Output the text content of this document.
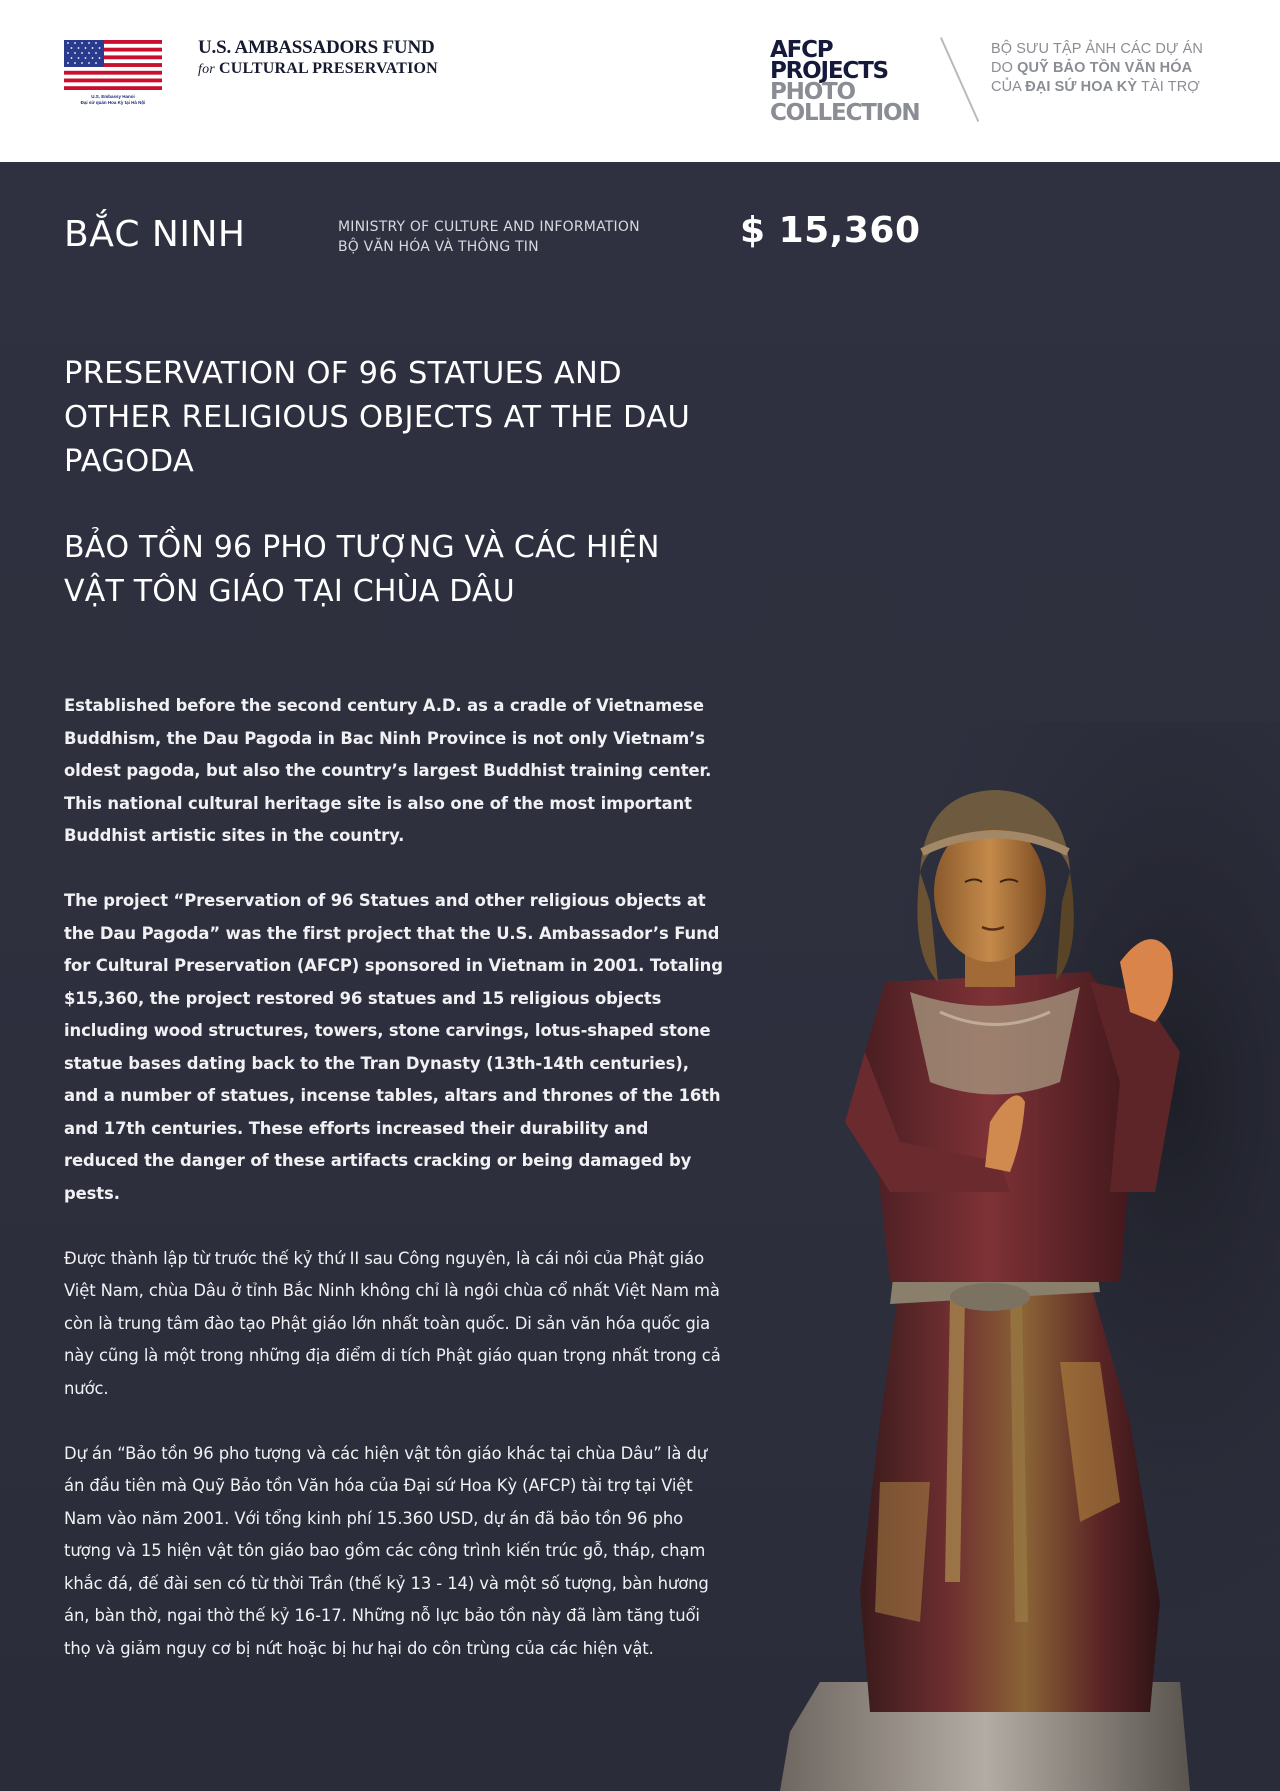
U.S. Embassy Hanoi
Đại sứ quán Hoa Kỳ tại Hà Nội
U.S. AMBASSADORS FUND
for CULTURAL PRESERVATION
AFCP
PROJECTS
PHOTO
COLLECTION
BỘ SƯU TẬP ẢNH CÁC DỰ ÁN
DO QUỸ BẢO TỒN VĂN HÓA
CỦA ĐẠI SỨ HOA KỲ TÀI TRỢ
BẮC NINH	MINISTRY OF CULTURE AND INFORMATION
BỘ VĂN HÓA VÀ THÔNG TIN	$ 15,360
PRESERVATION OF 96 STATUES AND OTHER RELIGIOUS OBJECTS AT THE DAU PAGODA
BẢO TỒN 96 PHO TƯỢNG VÀ CÁC HIỆN VẬT TÔN GIÁO TẠI CHÙA DÂU

Established before the second century A.D. as a cradle of Vietnamese Buddhism, the Dau Pagoda in Bac Ninh Province is not only Vietnam’s oldest pagoda, but also the country’s largest Buddhist training center. This national cultural heritage site is also one of the most important Buddhist artistic sites in the country.

The project “Preservation of 96 Statues and other religious objects at the Dau Pagoda” was the first project that the U.S. Ambassador’s Fund for Cultural Preservation (AFCP) sponsored in Vietnam in 2001. Totaling $15,360, the project restored 96 statues and 15 religious objects including wood structures, towers, stone carvings, lotus-shaped stone statue bases dating back to the Tran Dynasty (13th-14th centuries), and a number of statues, incense tables, altars and thrones of the 16th and 17th centuries. These efforts increased their durability and reduced the danger of these artifacts cracking or being damaged by pests.

Được thành lập từ trước thế kỷ thứ II sau Công nguyên, là cái nôi của Phật giáo Việt Nam, chùa Dâu ở tỉnh Bắc Ninh không chỉ là ngôi chùa cổ nhất Việt Nam mà còn là trung tâm đào tạo Phật giáo lớn nhất toàn quốc. Di sản văn hóa quốc gia này cũng là một trong những địa điểm di tích Phật giáo quan trọng nhất trong cả nước.

Dự án “Bảo tồn 96 pho tượng và các hiện vật tôn giáo khác tại chùa Dâu” là dự án đầu tiên mà Quỹ Bảo tồn Văn hóa của Đại sứ Hoa Kỳ (AFCP) tài trợ tại Việt Nam vào năm 2001. Với tổng kinh phí 15.360 USD, dự án đã bảo tồn 96 pho tượng và 15 hiện vật tôn giáo bao gồm các công trình kiến trúc gỗ, tháp, chạm khắc đá, đế đài sen có từ thời Trần (thế kỷ 13 - 14) và một số tượng, bàn hương án, bàn thờ, ngai thờ thế kỷ 16-17. Những nỗ lực bảo tồn này đã làm tăng tuổi thọ và giảm nguy cơ bị nứt hoặc bị hư hại do côn trùng của các hiện vật.
